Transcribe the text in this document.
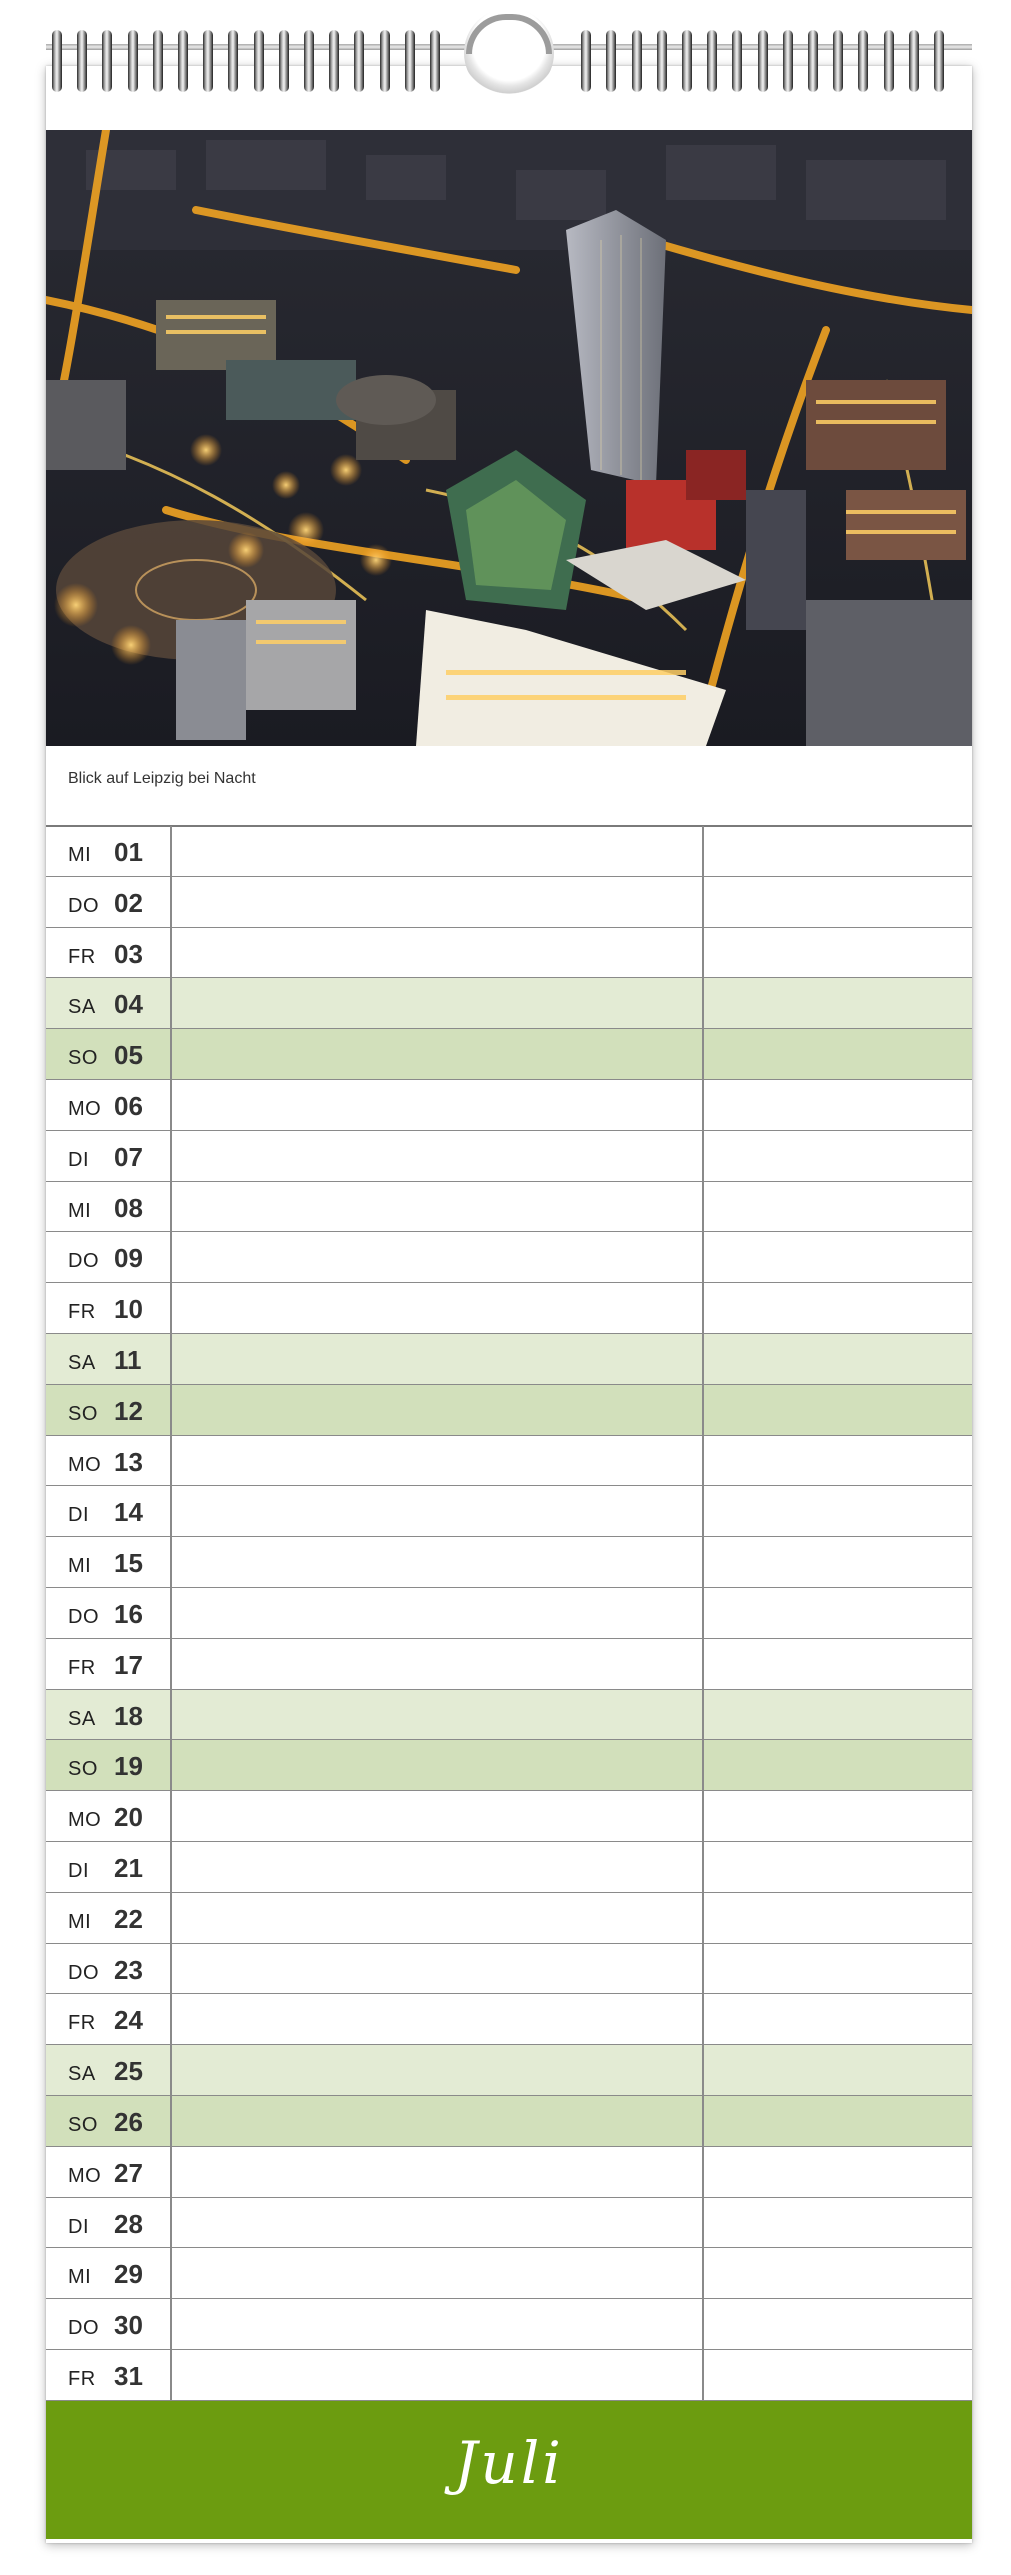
Blick auf Leipzig bei Nacht
MI 01
DO 02
FR 03
SA 04
SO 05
MO 06
DI 07
MI 08
DO 09
FR 10
SA 11
SO 12
MO 13
DI 14
MI 15
DO 16
FR 17
SA 18
SO 19
MO 20
DI 21
MI 22
DO 23
FR 24
SA 25
SO 26
MO 27
DI 28
MI 29
DO 30
FR 31
Juli
